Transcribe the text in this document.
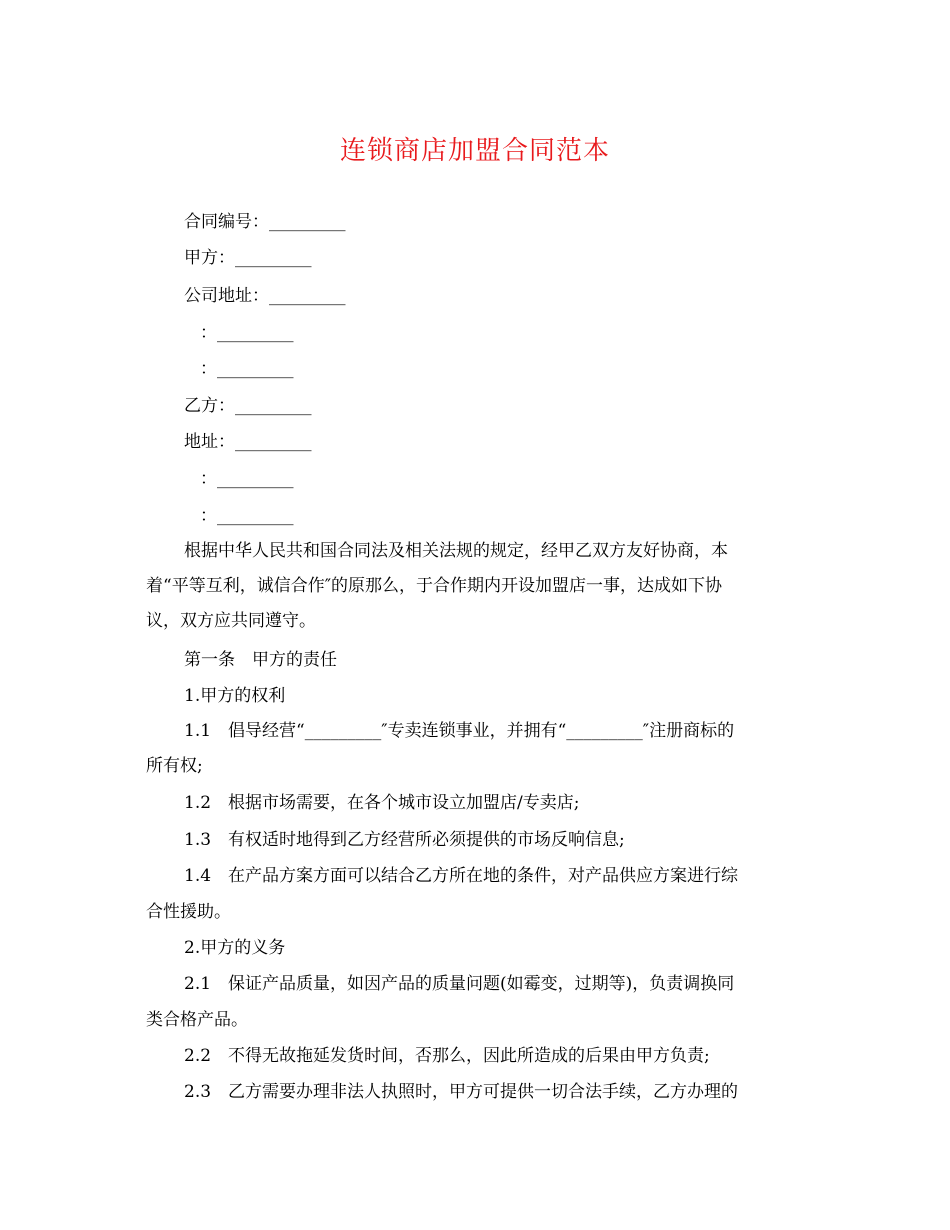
连锁商店加盟合同范本
合同编号：_________
甲方：_________
公司地址：_________
：_________
：_________
乙方：_________
地址：_________
：_________
：_________
根据中华人民共和国合同法及相关法规的规定，经甲乙双方友好协商，本
着“平等互利，诚信合作″的原那么，于合作期内开设加盟店一事，达成如下协
议，双方应共同遵守。
第一条　甲方的责任
1.甲方的权利
1.1　倡导经营“_________″专卖连锁事业，并拥有“_________″注册商标的
所有权;
1.2　根据市场需要，在各个城市设立加盟店/专卖店;
1.3　有权适时地得到乙方经营所必须提供的市场反响信息;
1.4　在产品方案方面可以结合乙方所在地的条件，对产品供应方案进行综
合性援助。
2.甲方的义务
2.1　保证产品质量，如因产品的质量问题(如霉变，过期等)，负责调换同
类合格产品。
2.2　不得无故拖延发货时间，否那么，因此所造成的后果由甲方负责;
2.3　乙方需要办理非法人执照时，甲方可提供一切合法手续，乙方办理的
